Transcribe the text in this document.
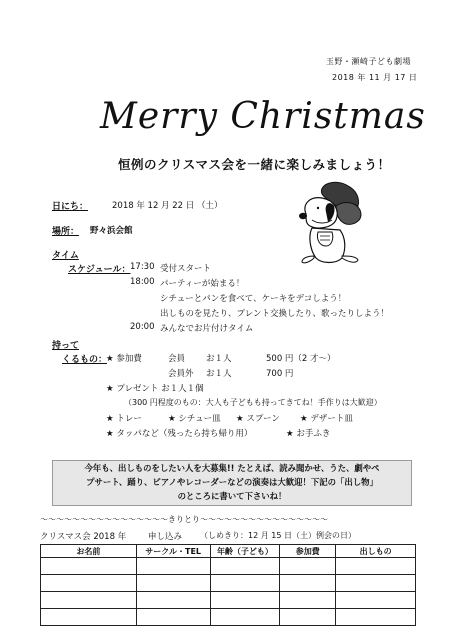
玉野・瀬崎子ども劇場
2018 年 11 月 17 日
Merry Christmas
恒例のクリスマス会を一緒に楽しみましょう！
日にち：	2018 年 12 月 22 日 （土）
場所： 野々浜会館
タイム
スケジュール： 17:30 受付スタート
18:00 パーティーが始まる！
シチューとパンを食べて、ケーキをデコしよう！
出しものを見たり、プレント交換したり、歌ったりしよう！
20:00 みんなでお片付けタイム
持って
くるもの：
★ 参加費	会員 お１人	500 円（2 才〜）
会員外 お１人	700 円
★ プレゼント お１人１個
（300 円程度のもの：大人も子どもも持ってきてね！手作りは大歓迎）
★ トレー	★ シチュー皿 ★ スプーン ★ デザート皿
★ タッパなど（残ったら持ち帰り用）	★ お手ふき
今年も、出しものをしたい人を大募集!! たとえば、読み聞かせ、うた、劇やペ
プサート、踊り、ピアノやレコーダーなどの演奏は大歓迎！下記の「出し物」
のところに書いて下さいね！
〜〜〜〜〜〜〜〜〜〜〜〜〜〜〜〜きりとり〜〜〜〜〜〜〜〜〜〜〜〜〜〜〜〜
クリスマス会 2018 年	申し込み （しめきり：12 月 15 日（土）例会の日）
お名前	サークル・TEL	年齢（子ども）	参加費	出しもの
